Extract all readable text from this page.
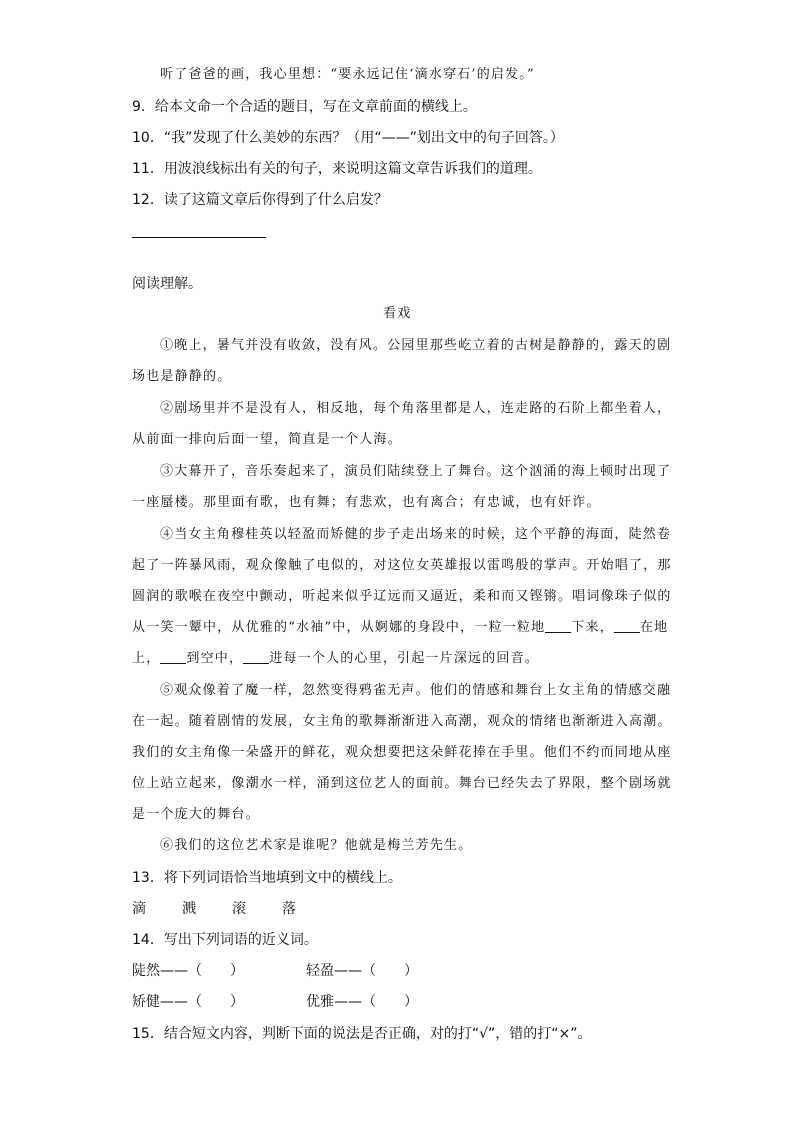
听了爸爸的画，我心里想：“要永远记住‘滴水穿石’的启发。”
9．给本文命一个合适的题目，写在文章前面的横线上。
10．“我”发现了什么美妙的东西？（用“——”划出文中的句子回答。）
11．用波浪线标出有关的句子，来说明这篇文章告诉我们的道理。
12．读了这篇文章后你得到了什么启发？
阅读理解。
看戏
①晚上，暑气并没有收敛，没有风。公园里那些屹立着的古树是静静的，露天的剧
场也是静静的。
②剧场里并不是没有人，相反地，每个角落里都是人，连走路的石阶上都坐着人，
从前面一排向后面一望，简直是一个人海。
③大幕开了，音乐奏起来了，演员们陆续登上了舞台。这个汹涌的海上顿时出现了
一座蜃楼。那里面有歌，也有舞；有悲欢，也有离合；有忠诚，也有奸诈。
④当女主角穆桂英以轻盈而矫健的步子走出场来的时候，这个平静的海面，陡然卷
起了一阵暴风雨，观众像触了电似的，对这位女英雄报以雷鸣般的掌声。开始唱了，那
圆润的歌喉在夜空中颤动，听起来似乎辽远而又逼近，柔和而又铿锵。唱词像珠子似的
从一笑一颦中，从优雅的“水袖”中，从婀娜的身段中，一粒一粒地 下来， 在地
上， 到空中， 进每一个人的心里，引起一片深远的回音。
⑤观众像着了魔一样，忽然变得鸦雀无声。他们的情感和舞台上女主角的情感交融
在一起。随着剧情的发展，女主角的歌舞渐渐进入高潮，观众的情绪也渐渐进入高潮。
我们的女主角像一朵盛开的鲜花，观众想要把这朵鲜花捧在手里。他们不约而同地从座
位上站立起来，像潮水一样，涌到这位艺人的面前。舞台已经失去了界限，整个剧场就
是一个庞大的舞台。
⑥我们的这位艺术家是谁呢？他就是梅兰芳先生。
13．将下列词语恰当地填到文中的横线上。
滴	溅	滚	落
14．写出下列词语的近义词。
陡然——（　　）	轻盈——（　　）
矫健——（　　）	优雅——（　　）
15．结合短文内容，判断下面的说法是否正确，对的打“√”，错的打“×”。
